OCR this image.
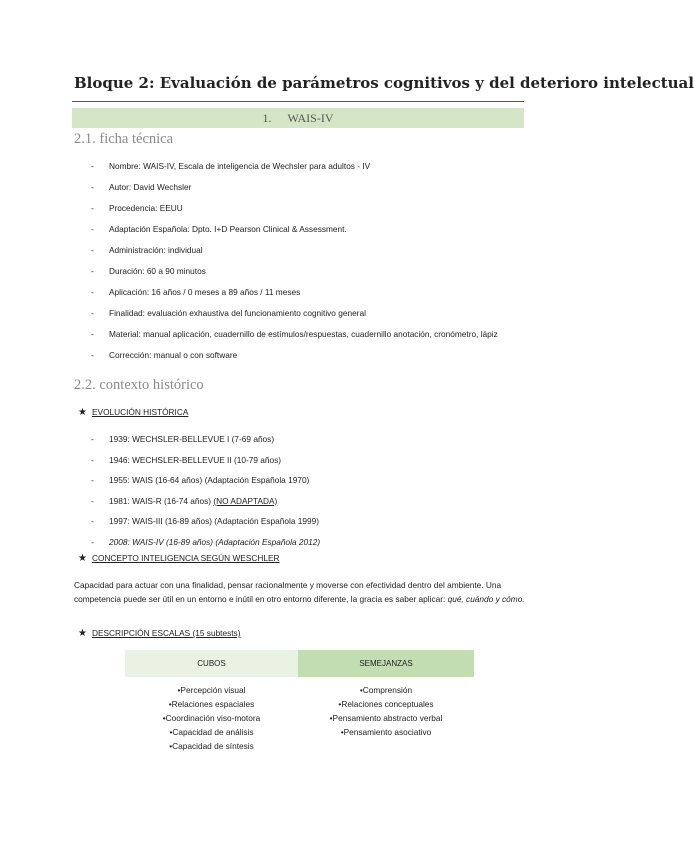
Bloque 2: Evaluación de parámetros cognitivos y del deterioro intelectual
1. WAIS-IV
2.1. ficha técnica
- Nombre: WAIS-IV, Escala de inteligencia de Wechsler para adultos - IV
- Autor: David Wechsler
- Procedencia: EEUU
- Adaptación Española: Dpto. I+D Pearson Clinical & Assessment.
- Administración: individual
- Duración: 60 a 90 minutos
- Aplicación: 16 años / 0 meses a 89 años / 11 meses
- Finalidad: evaluación exhaustiva del funcionamiento cognitivo general
- Material: manual aplicación, cuadernillo de estímulos/respuestas, cuadernillo anotación, cronómetro, lápiz
- Corrección: manual o con software
2.2. contexto histórico
★ EVOLUCIÓN HISTÓRICA
- 1939: WECHSLER-BELLEVUE I (7-69 años)
- 1946: WECHSLER-BELLEVUE II (10-79 años)
- 1955: WAIS (16-64 años) (Adaptación Española 1970)
- 1981: WAIS-R (16-74 años) (NO ADAPTADA)
- 1997: WAIS-III (16-89 años) (Adaptación Española 1999)
- 2008: WAIS-IV (16-89 años) (Adaptación Española 2012)
★ CONCEPTO INTELIGENCIA SEGÚN WESCHLER
Capacidad para actuar con una finalidad, pensar racionalmente y moverse con efectividad dentro del ambiente. Una competencia puede ser útil en un entorno e inútil en otro entorno diferente, la gracia es saber aplicar: qué, cuándo y cómo.
★ DESCRIPCIÓN ESCALAS (15 subtests)
CUBOS	SEMEJANZAS
•Percepción visual
•Relaciones espaciales
•Coordinación viso-motora
•Capacidad de análisis
•Capacidad de síntesis
•Comprensión
•Relaciones conceptuales
•Pensamiento abstracto verbal
•Pensamiento asociativo
